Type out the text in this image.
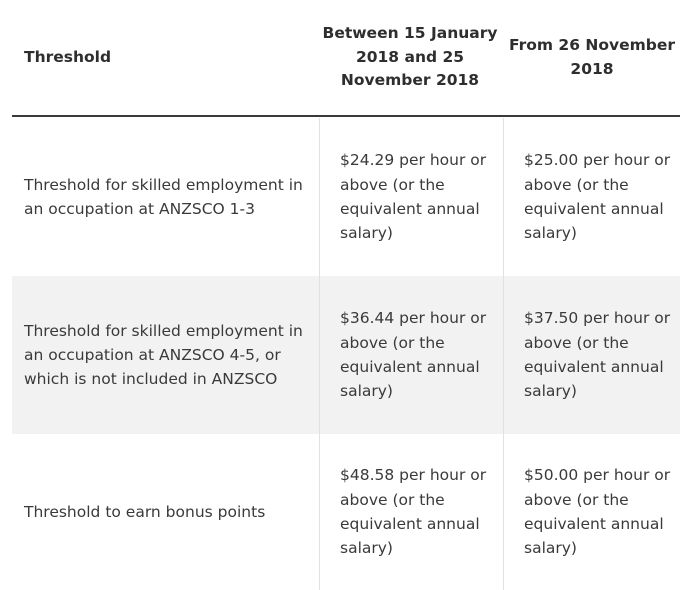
Threshold
Between 15 January 2018 and 25 November 2018
From 26 November 2018
Threshold for skilled employment in an occupation at ANZSCO 1-3
$24.29 per hour or above (or the equivalent annual salary)
$25.00 per hour or above (or the equivalent annual salary)
Threshold for skilled employment in an occupation at ANZSCO 4-5, or which is not included in ANZSCO
$36.44 per hour or above (or the equivalent annual salary)
$37.50 per hour or above (or the equivalent annual salary)
Threshold to earn bonus points
$48.58 per hour or above (or the equivalent annual salary)
$50.00 per hour or above (or the equivalent annual salary)
